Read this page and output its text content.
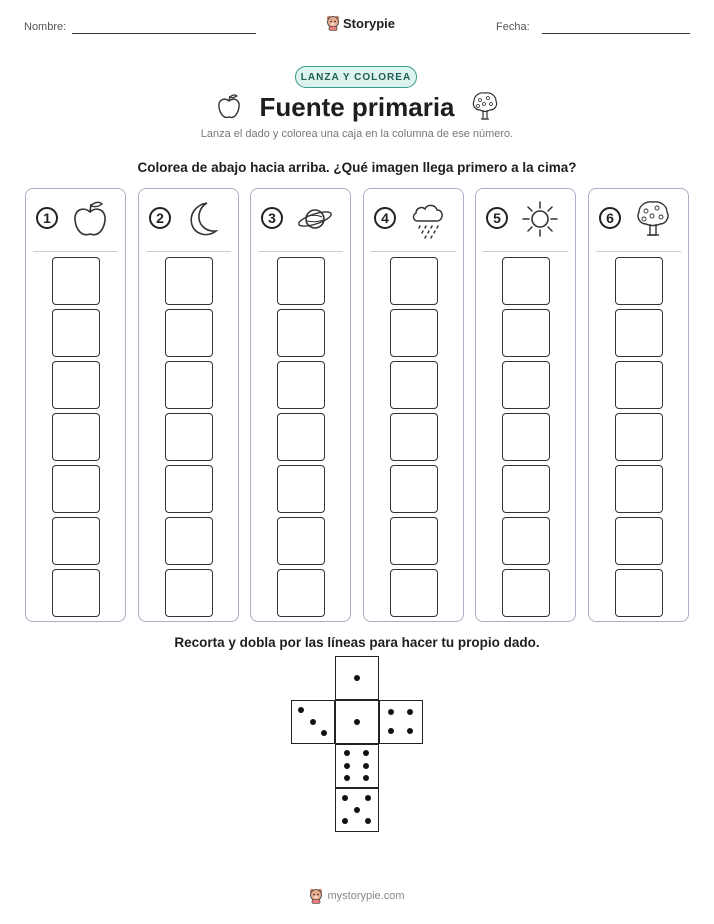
Nombre:	Storypie	Fecha:
LANZA Y COLOREA
Fuente primaria
Lanza el dado y colorea una caja en la columna de ese número.
Colorea de abajo hacia arriba. ¿Qué imagen llega primero a la cima?
1	2	3	4	5	6
Recorta y dobla por las líneas para hacer tu propio dado.
mystorypie.com
